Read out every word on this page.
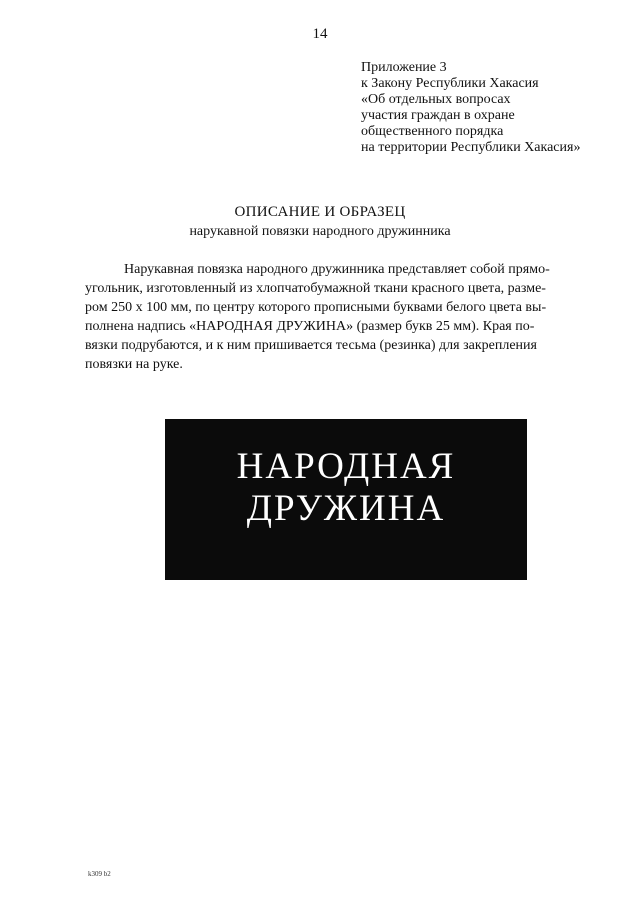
14
Приложение 3
к Закону Республики Хакасия
«Об отдельных вопросах
участия граждан в охране
общественного порядка
на территории Республики Хакасия»
ОПИСАНИЕ И ОБРАЗЕЦ
нарукавной повязки народного дружинника
Нарукавная повязка народного дружинника представляет собой прямо-
угольник, изготовленный из хлопчатобумажной ткани красного цвета, разме-
ром 250 х 100 мм, по центру которого прописными буквами белого цвета вы-
полнена надпись «НАРОДНАЯ ДРУЖИНА» (размер букв 25 мм). Края по-
вязки подрубаются, и к ним пришивается тесьма (резинка) для закрепления
повязки на руке.
НАРОДНАЯ
ДРУЖИНА
k309 b2
